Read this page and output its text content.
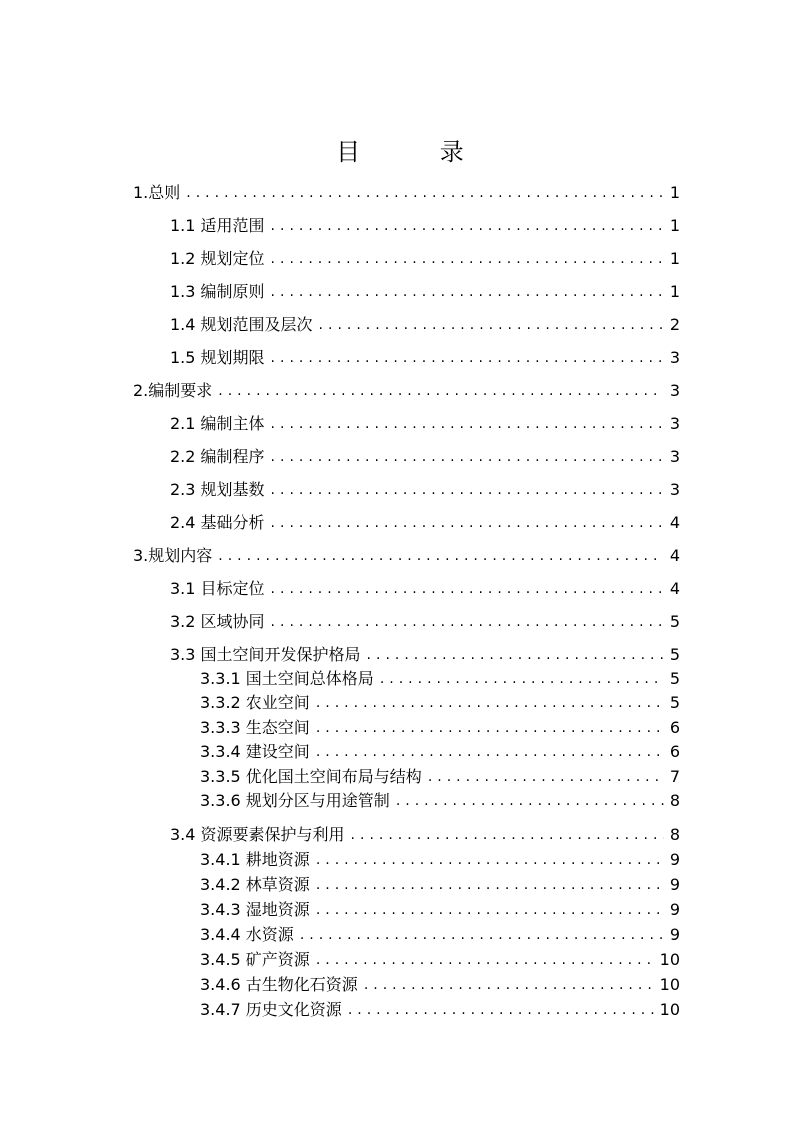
目 录
1.总则 .....	1
1.1 适用范围 .....	1
1.2 规划定位 .....	1
1.3 编制原则 .....	1
1.4 规划范围及层次 .....	2
1.5 规划期限 .....	3
2.编制要求 .....	3
2.1 编制主体 .....	3
2.2 编制程序 .....	3
2.3 规划基数 .....	3
2.4 基础分析 .....	4
3.规划内容 .....	4
3.1 目标定位 .....	4
3.2 区域协同 .....	5
3.3 国土空间开发保护格局 .....	5
3.3.1 国土空间总体格局 .....	5
3.3.2 农业空间 .....	5
3.3.3 生态空间 .....	6
3.3.4 建设空间 .....	6
3.3.5 优化国土空间布局与结构 .....	7
3.3.6 规划分区与用途管制 .....	8
3.4 资源要素保护与利用 .....	8
3.4.1 耕地资源 .....	9
3.4.2 林草资源 .....	9
3.4.3 湿地资源 .....	9
3.4.4 水资源 .....	9
3.4.5 矿产资源 .....	10
3.4.6 古生物化石资源 .....	10
3.4.7 历史文化资源 .....	10
